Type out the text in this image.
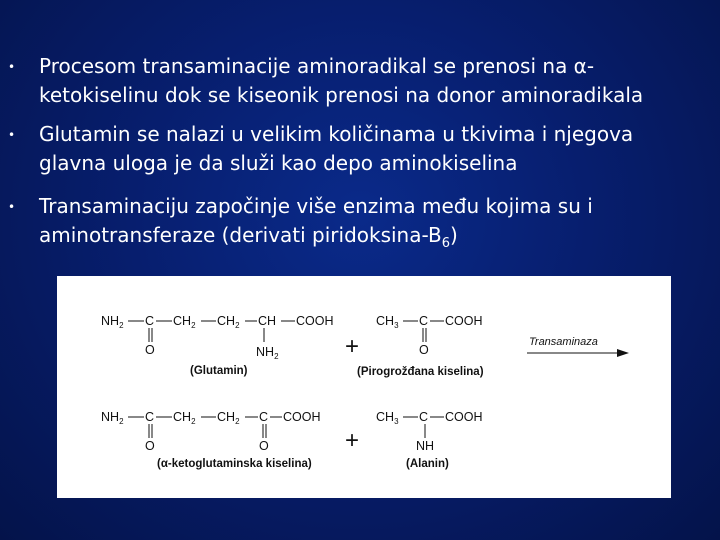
• Procesom transaminacije aminoradikal se prenosi na α-ketokiselinu dok se kiseonik prenosi na donor aminoradikala
• Glutamin se nalazi u velikim količinama u tkivima i njegova glavna uloga je da služi kao depo aminokiselina
• Transaminaciju započinje više enzima među kojima su i aminotransferaze (derivati piridoksina-$B_6$)
$NH_2$ C $CH_2$ $CH_2$ CH COOH
O	$NH_2$
(Glutamin)
+
$CH_3$ C COOH
O
(Pirogrožđana kiselina)
Transaminaza
$NH_2$ C $CH_2$ $CH_2$ C COOH
O	O
(α-ketoglutaminska kiselina)
+
$CH_3$ C COOH
NH
(Alanin)
